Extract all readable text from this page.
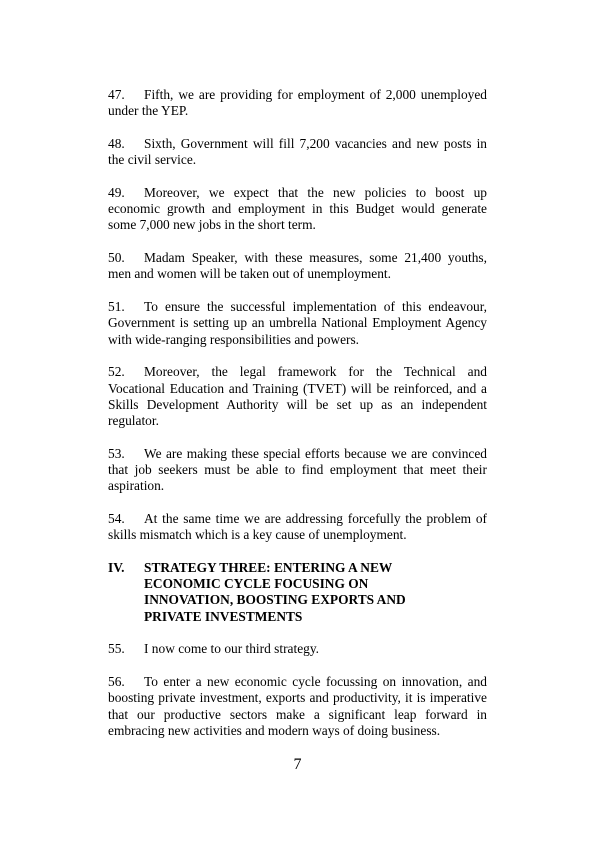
47. Fifth, we are providing for employment of 2,000 unemployed under the YEP.

48. Sixth, Government will fill 7,200 vacancies and new posts in the civil service.

49. Moreover, we expect that the new policies to boost up economic growth and employment in this Budget would generate some 7,000 new jobs in the short term.

50. Madam Speaker, with these measures, some 21,400 youths, men and women will be taken out of unemployment.

51. To ensure the successful implementation of this endeavour, Government is setting up an umbrella National Employment Agency with wide-ranging responsibilities and powers.

52. Moreover, the legal framework for the Technical and Vocational Education and Training (TVET) will be reinforced, and a Skills Development Authority will be set up as an independent regulator.

53. We are making these special efforts because we are convinced that job seekers must be able to find employment that meet their aspiration.

54. At the same time we are addressing forcefully the problem of skills mismatch which is a key cause of unemployment.

IV. STRATEGY THREE: ENTERING A NEW
ECONOMIC CYCLE FOCUSING ON
INNOVATION, BOOSTING EXPORTS AND
PRIVATE INVESTMENTS

55. I now come to our third strategy.

56. To enter a new economic cycle focussing on innovation, and boosting private investment, exports and productivity, it is imperative that our productive sectors make a significant leap forward in embracing new activities and modern ways of doing business.

7
